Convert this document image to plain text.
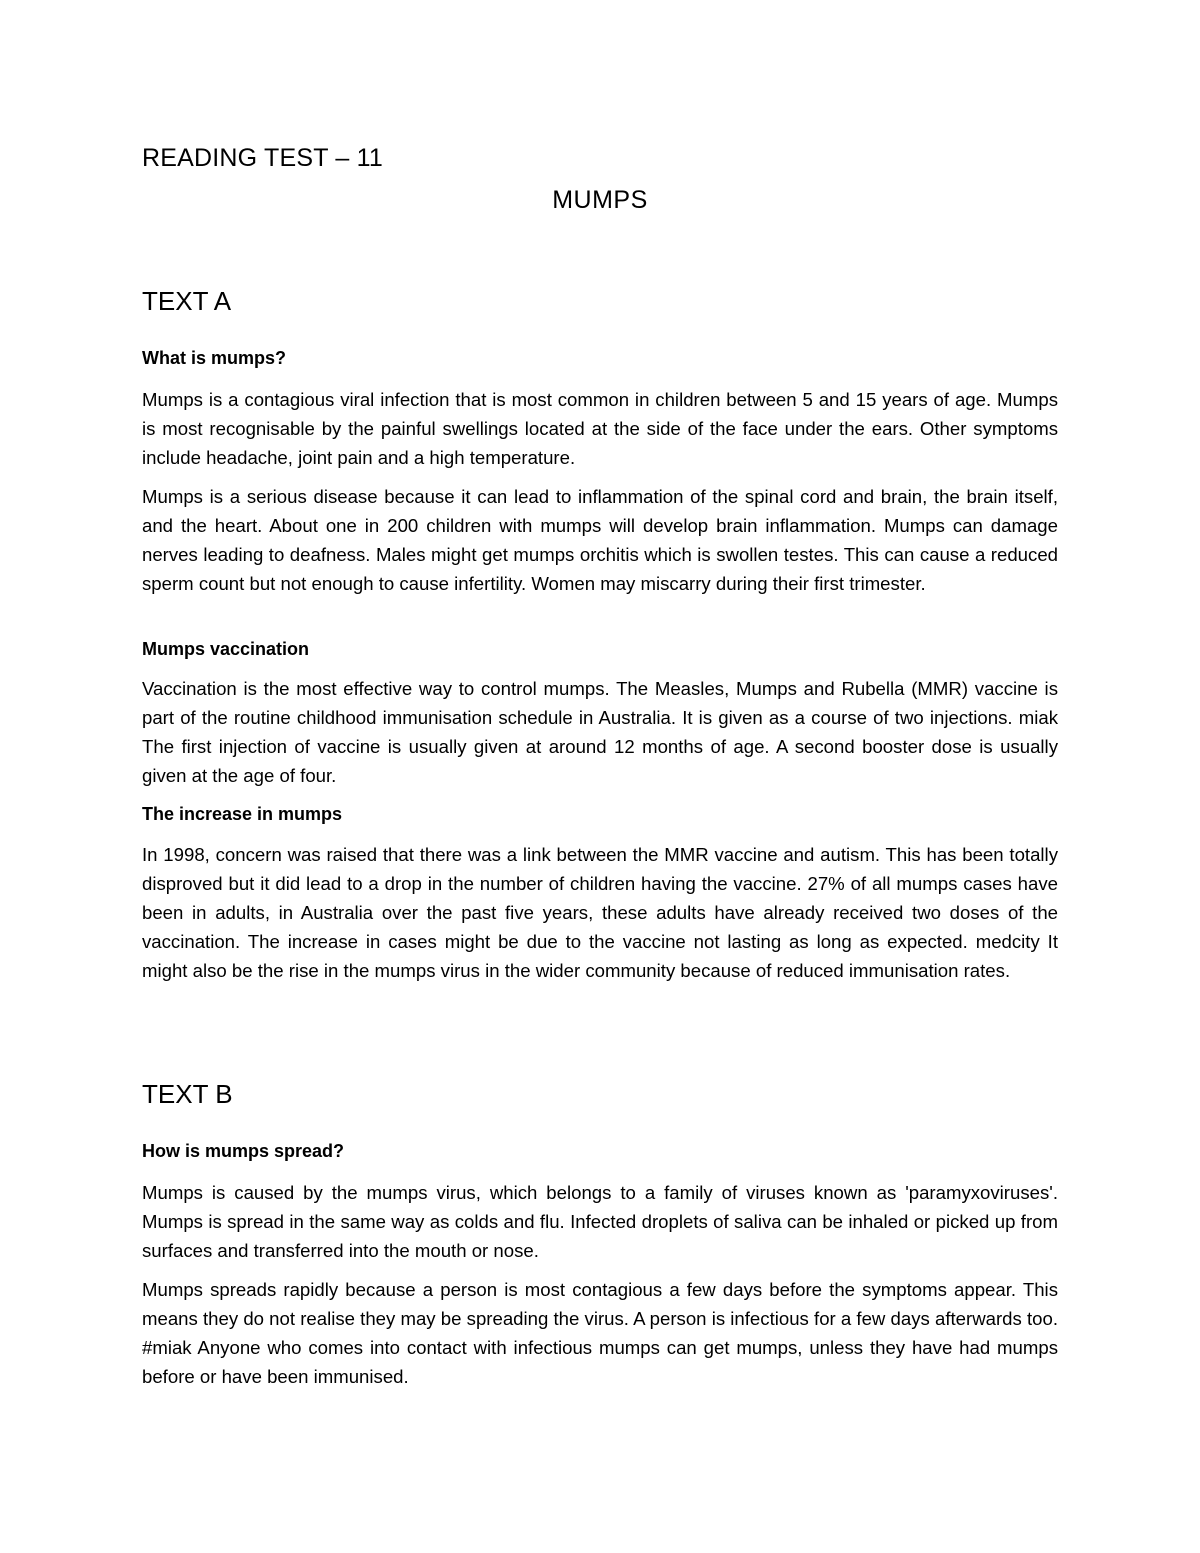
READING TEST – 11
MUMPS
TEXT A
What is mumps?

Mumps is a contagious viral infection that is most common in children between 5 and 15 years of age. Mumps is most recognisable by the painful swellings located at the side of the face under the ears. Other symptoms include headache, joint pain and a high temperature.

Mumps is a serious disease because it can lead to inflammation of the spinal cord and brain, the brain itself, and the heart. About one in 200 children with mumps will develop brain inflammation. Mumps can damage nerves leading to deafness. Males might get mumps orchitis which is swollen testes. This can cause a reduced sperm count but not enough to cause infertility. Women may miscarry during their first trimester.

Mumps vaccination

Vaccination is the most effective way to control mumps. The Measles, Mumps and Rubella (MMR) vaccine is part of the routine childhood immunisation schedule in Australia. It is given as a course of two injections. miak The first injection of vaccine is usually given at around 12 months of age. A second booster dose is usually given at the age of four.

The increase in mumps

In 1998, concern was raised that there was a link between the MMR vaccine and autism. This has been totally disproved but it did lead to a drop in the number of children having the vaccine. 27% of all mumps cases have been in adults, in Australia over the past five years, these adults have already received two doses of the vaccination. The increase in cases might be due to the vaccine not lasting as long as expected. medcity It might also be the rise in the mumps virus in the wider community because of reduced immunisation rates.

TEXT B
How is mumps spread?

Mumps is caused by the mumps virus, which belongs to a family of viruses known as 'paramyxoviruses'. Mumps is spread in the same way as colds and flu. Infected droplets of saliva can be inhaled or picked up from surfaces and transferred into the mouth or nose.

Mumps spreads rapidly because a person is most contagious a few days before the symptoms appear. This means they do not realise they may be spreading the virus. A person is infectious for a few days afterwards too. #miak Anyone who comes into contact with infectious mumps can get mumps, unless they have had mumps before or have been immunised.
